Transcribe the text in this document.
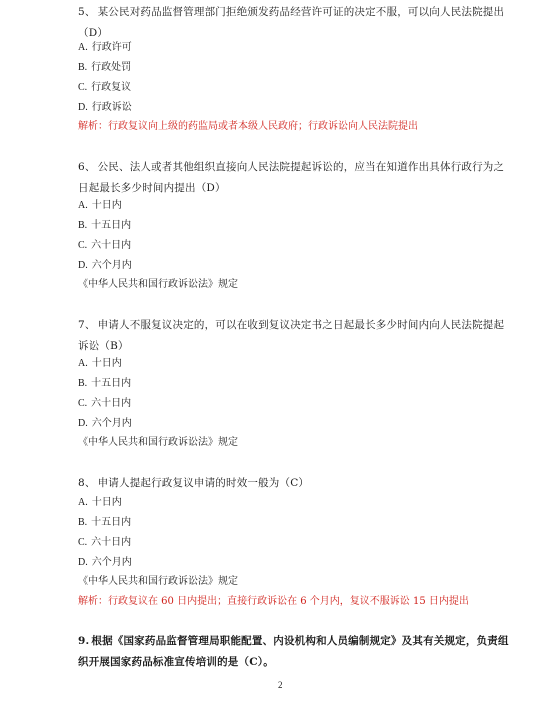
5、 某公民对药品监督管理部门拒绝颁发药品经营许可证的决定不服，可以向人民法院提出（D）
A. 行政许可
B. 行政处罚
C. 行政复议
D. 行政诉讼
解析：行政复议向上级的药监局或者本级人民政府；行政诉讼向人民法院提出
6、 公民、法人或者其他组织直接向人民法院提起诉讼的，应当在知道作出具体行政行为之日起最长多少时间内提出（D）
A. 十日内
B. 十五日内
C. 六十日内
D. 六个月内
《中华人民共和国行政诉讼法》规定
7、 申请人不服复议决定的，可以在收到复议决定书之日起最长多少时间内向人民法院提起诉讼（B）
A. 十日内
B. 十五日内
C. 六十日内
D. 六个月内
《中华人民共和国行政诉讼法》规定
8、 申请人提起行政复议申请的时效一般为（C）
A. 十日内
B. 十五日内
C. 六十日内
D. 六个月内
《中华人民共和国行政诉讼法》规定
解析：行政复议在 60 日内提出；直接行政诉讼在 6 个月内，复议不服诉讼 15 日内提出
9. 根据《国家药品监督管理局职能配置、内设机构和人员编制规定》及其有关规定，负责组织开展国家药品标准宣传培训的是（C）。
2
